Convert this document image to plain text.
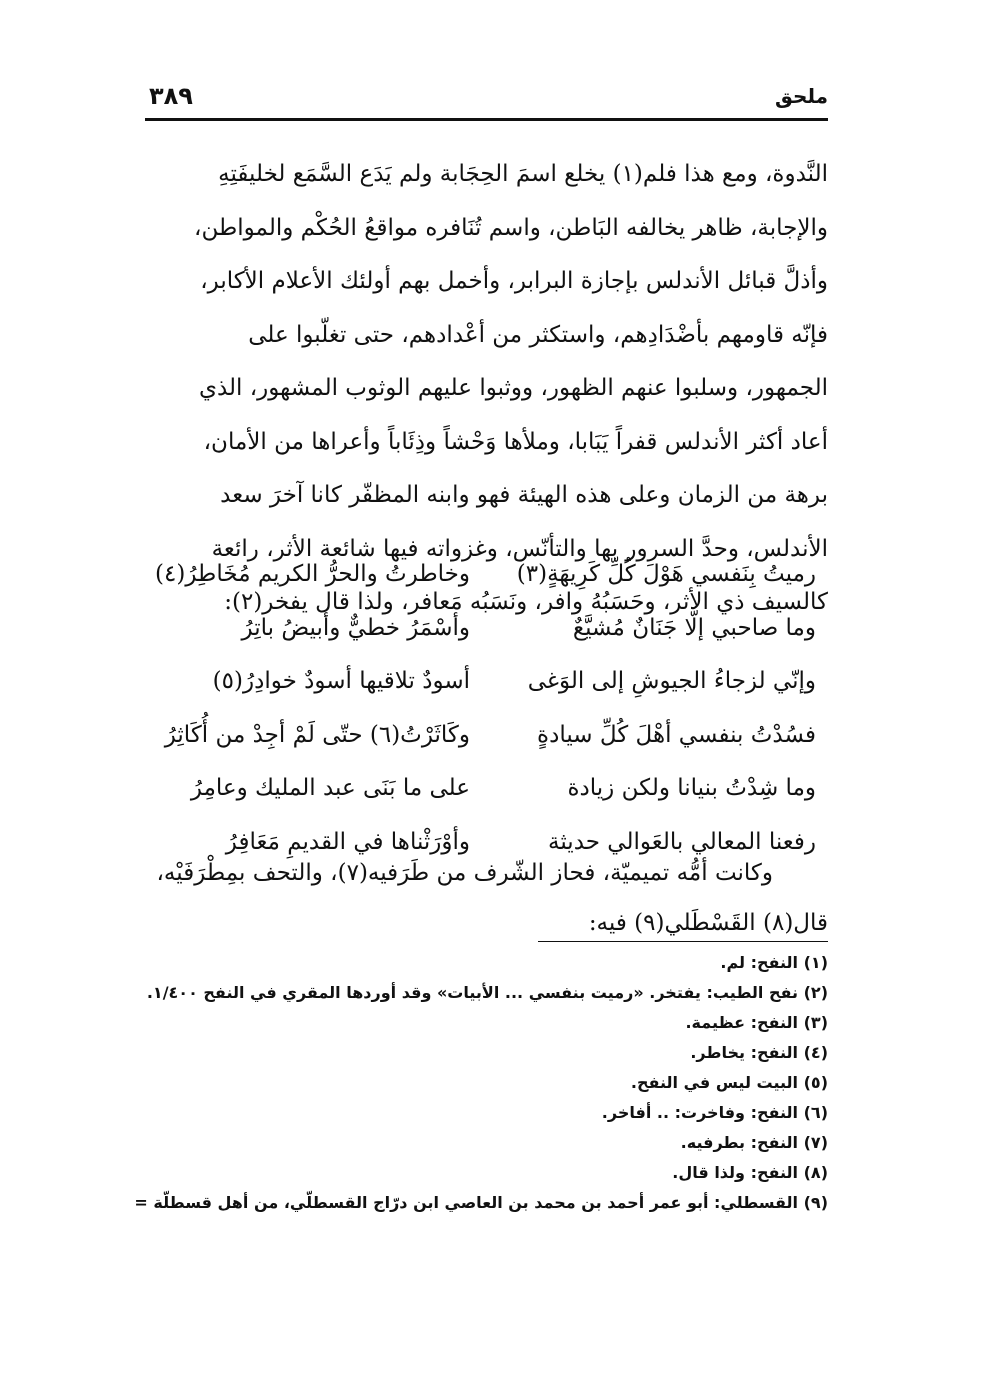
ملحق
٣٨٩

النَّدوة، ومع هذا فلم(١) يخلع اسمَ الحِجَابة ولم يَدَع السَّمَع لخليفَتِهِ

والإجابة، ظاهر يخالفه البَاطن، واسم تُنَافره مواقعُ الحُكْم والمواطن،

وأذلَّ قبائل الأندلس بإجازة البرابر، وأخمل بهم أولئك الأعلام الأكابر،

فإنّه قاومهم بأضْدَادِهم، واستكثر من أعْدادهم، حتى تغلّبوا على

الجمهور، وسلبوا عنهم الظهور، ووثبوا عليهم الوثوب المشهور، الذي

أعاد أكثر الأندلس قفراً يَبَابا، وملأها وَحْشاً وذِئَاباً وأعراها من الأمان،

برهة من الزمان وعلى هذه الهيئة فهو وابنه المظفّر كانا آخرَ سعد

الأندلس، وحدَّ السرور بها والتأنّس، وغزواته فيها شائعة الأثر، رائعة

كالسيف ذي الأثر، وحَسَبُهُ وافر، ونَسَبُه مَعافر، ولذا قال يفخر(٢):

رميتُ بِنَفسي هَوْلَ كُلِّ كَرِيهَةٍ(٣)
وخاطرتُ والحرُّ الكريم مُخَاطِرُ(٤)
وما صاحبي إلّا جَنَانٌ مُشيَّعٌ
وأسْمَرُ خطيٌّ وأبيضُ باتِرُ
وإنّي لزجاءُ الجيوشِ إلى الوَغى
أسودٌ تلاقيها أسودٌ خوادِرُ(٥)
فسُدْتُ بنفسي أهْلَ كُلِّ سيادةٍ
وكَاثَرْتُ(٦) حتّى لَمْ أجِدْ من أُكَاثِرُ
وما شِدْتُ بنيانا ولكن زيادة
على ما بَنَى عبد المليك وعامِرُ
رفعنا المعالي بالعَوالي حديثة
وأوْرَثْناها في القديمِ مَعَافِرُ

وكانت أمُّه تميميّة، فحاز الشّرف من طَرَفيه(٧)، والتحف بمِطْرَفَيْه،

قال(٨) القَسْطَلي(٩) فيه:

(١) النفح: لم.

(٢) نفح الطيب: يفتخر. «رميت بنفسي ... الأبيات» وقد أوردها المقري في النفح ١/٤٠٠.

(٣) النفح: عظيمة.

(٤) النفح: يخاطر.

(٥) البيت ليس في النفح.

(٦) النفح: وفاخرت: .. أفاخر.

(٧) النفح: بطرفيه.

(٨) النفح: ولذا قال.

(٩) القسطلي: أبو عمر أحمد بن محمد بن العاصي ابن درّاج القسطلّي، من أهل قسطلّة =
